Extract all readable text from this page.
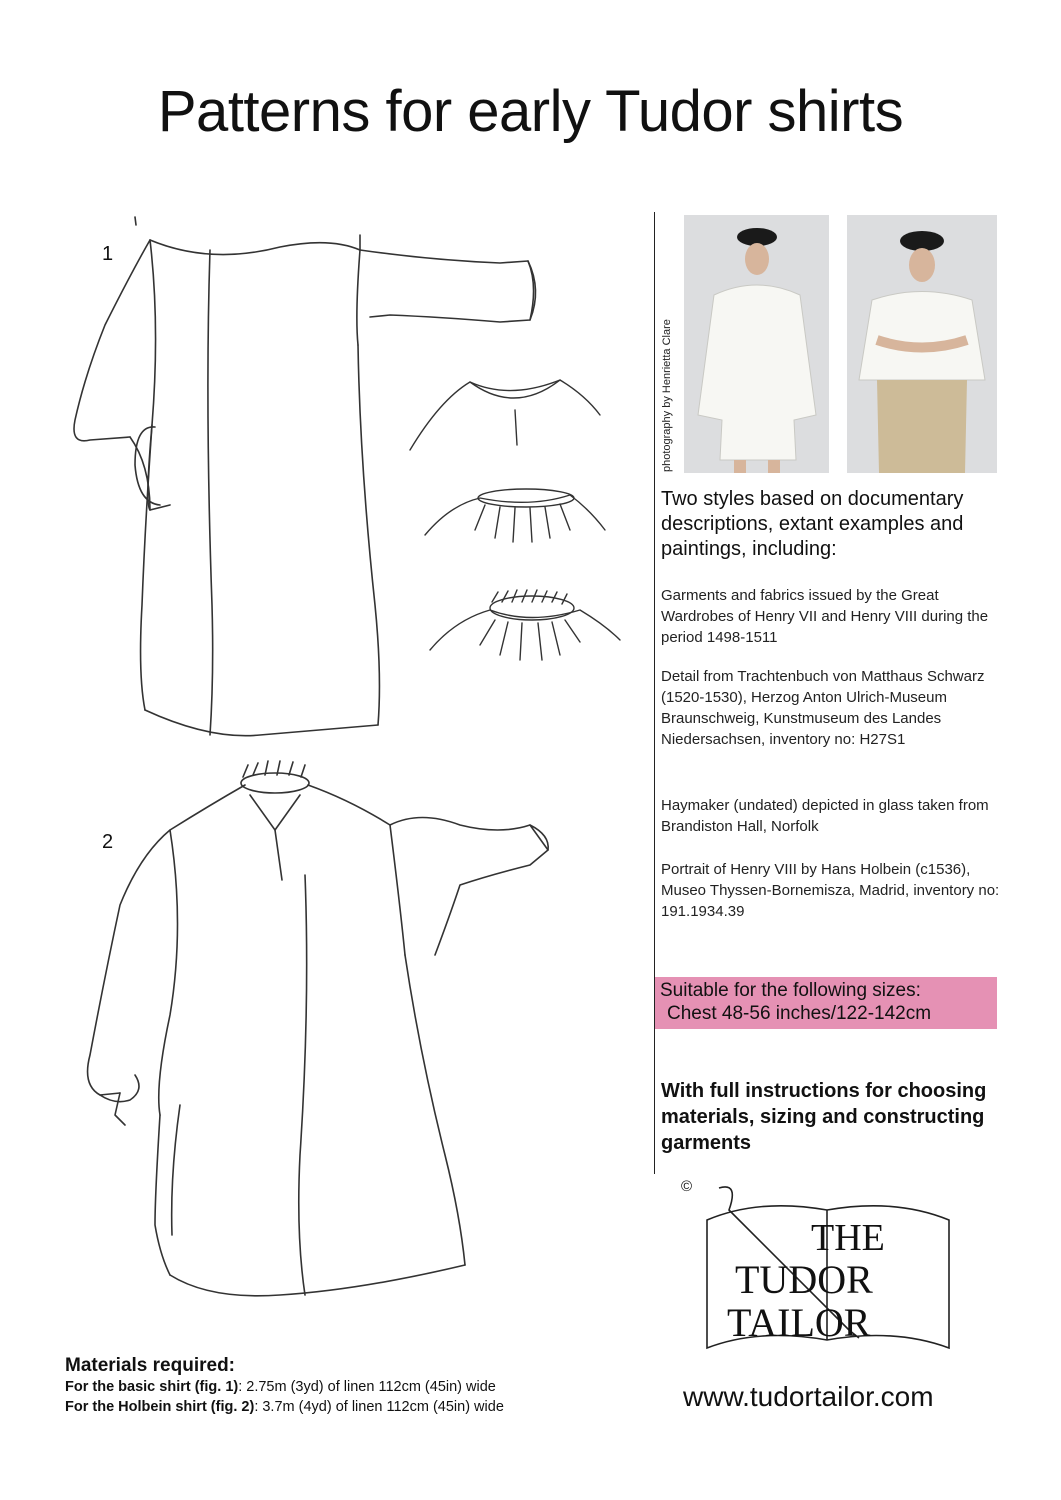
Patterns for early Tudor shirts
1
2
photography by Henrietta Clare
Two styles based on documentary descriptions, extant examples and paintings, including:
Garments and fabrics issued by the Great Wardrobes of Henry VII and Henry VIII during the period 1498-1511
Detail from Trachtenbuch von Matthaus Schwarz (1520-1530), Herzog Anton Ulrich-Museum Braunschweig, Kunstmuseum des Landes Niedersachsen, inventory no: H27S1
Haymaker (undated) depicted in glass taken from Brandiston Hall, Norfolk
Portrait of Henry VIII by Hans Holbein (c1536), Museo Thyssen-Bornemisza, Madrid, inventory no: 191.1934.39
Suitable for the following sizes:
Chest 48-56 inches/122-142cm
With full instructions for choosing materials, sizing and constructing garments
©
THE
TUDOR
TAILOR
www.tudortailor.com
Materials required:
For the basic shirt (fig. 1): 2.75m (3yd) of linen 112cm (45in) wide
For the Holbein shirt (fig. 2): 3.7m (4yd) of linen 112cm (45in) wide
